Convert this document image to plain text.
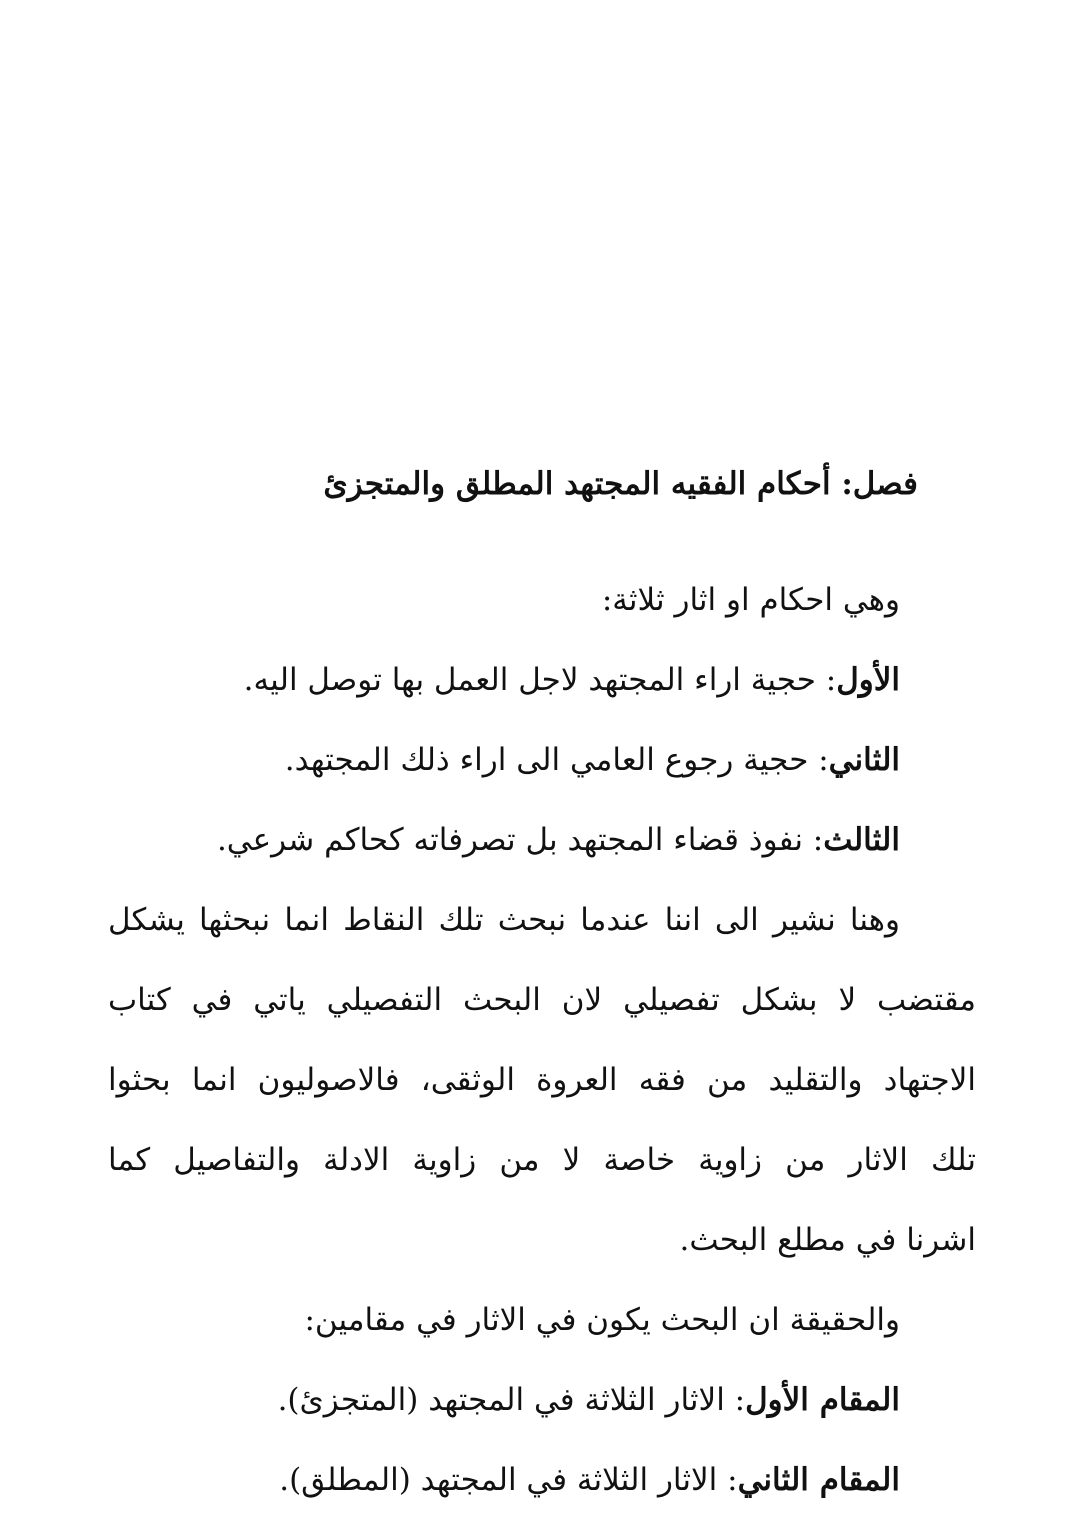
فصل: أحكام الفقيه المجتهد المطلق والمتجزئ
وهي احكام او اثار ثلاثة:
الأول: حجية اراء المجتهد لاجل العمل بها توصل اليه.
الثاني: حجية رجوع العامي الى اراء ذلك المجتهد.
الثالث: نفوذ قضاء المجتهد بل تصرفاته كحاكم شرعي.
وهنا نشير الى اننا عندما نبحث تلك النقاط انما نبحثها يشكل
مقتضب لا بشكل تفصيلي لان البحث التفصيلي ياتي في كتاب
الاجتهاد والتقليد من فقه العروة الوثقى، فالاصوليون انما بحثوا
تلك الاثار من زاوية خاصة لا من زاوية الادلة والتفاصيل كما
اشرنا في مطلع البحث.
والحقيقة ان البحث يكون في الاثار في مقامين:
المقام الأول: الاثار الثلاثة في المجتهد (المتجزئ).
المقام الثاني: الاثار الثلاثة في المجتهد (المطلق).
